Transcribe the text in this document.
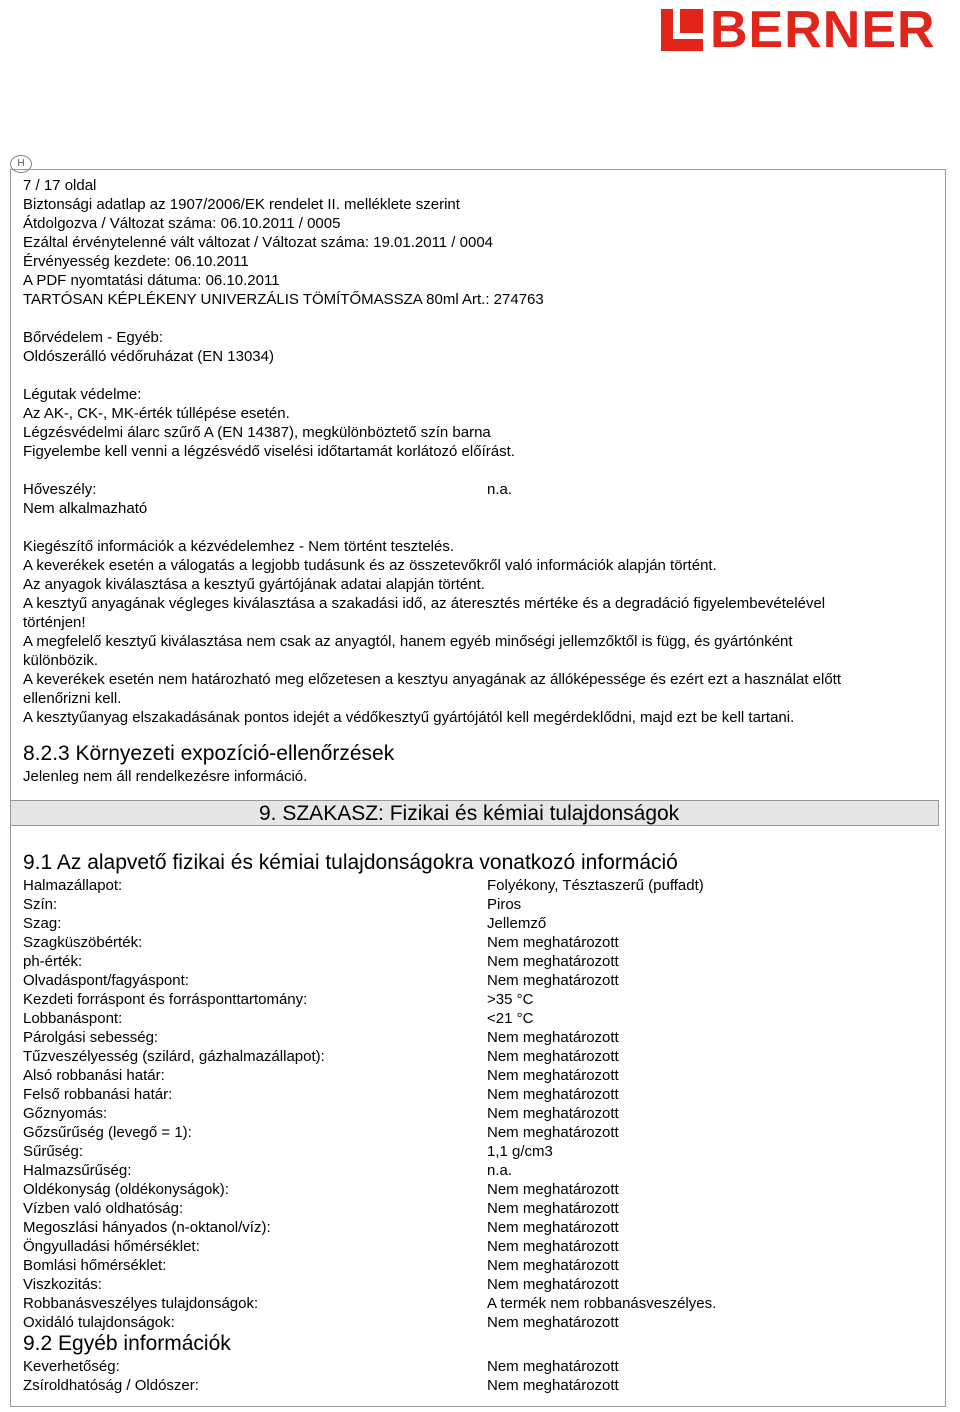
BERNER
H
7 / 17 oldal
Biztonsági adatlap az 1907/2006/EK rendelet II. melléklete szerint
Átdolgozva / Változat száma: 06.10.2011 / 0005
Ezáltal érvénytelenné vált változat / Változat száma: 19.01.2011 / 0004
Érvényesség kezdete: 06.10.2011
A PDF nyomtatási dátuma: 06.10.2011
TARTÓSAN KÉPLÉKENY UNIVERZÁLIS TÖMÍTŐMASSZA 80ml Art.: 274763
Bőrvédelem - Egyéb:
Oldószerálló védőruházat (EN 13034)
Légutak védelme:
Az AK-, CK-, MK-érték túllépése esetén.
Légzésvédelmi álarc szűrő A (EN 14387), megkülönböztető szín barna
Figyelembe kell venni a légzésvédő viselési időtartamát korlátozó előírást.
Hőveszély:	n.a.
Nem alkalmazható
Kiegészítő információk a kézvédelemhez - Nem történt tesztelés.
A keverékek esetén a válogatás a legjobb tudásunk és az összetevőkről való információk alapján történt.
Az anyagok kiválasztása a kesztyű gyártójának adatai alapján történt.
A kesztyű anyagának végleges kiválasztása a szakadási idő, az áteresztés mértéke és a degradáció figyelembevételével
történjen!
A megfelelő kesztyű kiválasztása nem csak az anyagtól, hanem egyéb minőségi jellemzőktől is függ, és gyártónként
különbözik.
A keverékek esetén nem határozható meg előzetesen a kesztyu anyagának az állóképessége és ezért ezt a használat előtt
ellenőrizni kell.
A kesztyűanyag elszakadásának pontos idejét a védőkesztyű gyártójától kell megérdeklődni, majd ezt be kell tartani.
8.2.3 Környezeti expozíció-ellenőrzések
Jelenleg nem áll rendelkezésre információ.
9. SZAKASZ: Fizikai és kémiai tulajdonságok
9.1 Az alapvető fizikai és kémiai tulajdonságokra vonatkozó információ
Halmazállapot:	Folyékony, Tésztaszerű (puffadt)
Szín:	Piros
Szag:	Jellemző
Szagküszöbérték:	Nem meghatározott
ph-érték:	Nem meghatározott
Olvadáspont/fagyáspont:	Nem meghatározott
Kezdeti forráspont és forrásponttartomány:	>35 °C
Lobbanáspont:	<21 °C
Párolgási sebesség:	Nem meghatározott
Tűzveszélyesség (szilárd, gázhalmazállapot):	Nem meghatározott
Alsó robbanási határ:	Nem meghatározott
Felső robbanási határ:	Nem meghatározott
Gőznyomás:	Nem meghatározott
Gőzsűrűség (levegő = 1):	Nem meghatározott
Sűrűség:	1,1 g/cm3
Halmazsűrűség:	n.a.
Oldékonyság (oldékonyságok):	Nem meghatározott
Vízben való oldhatóság:	Nem meghatározott
Megoszlási hányados (n-oktanol/víz):	Nem meghatározott
Öngyulladási hőmérséklet:	Nem meghatározott
Bomlási hőmérséklet:	Nem meghatározott
Viszkozitás:	Nem meghatározott
Robbanásveszélyes tulajdonságok:	A termék nem robbanásveszélyes.
Oxidáló tulajdonságok:	Nem meghatározott
9.2 Egyéb információk
Keverhetőség:	Nem meghatározott
Zsíroldhatóság / Oldószer:	Nem meghatározott
